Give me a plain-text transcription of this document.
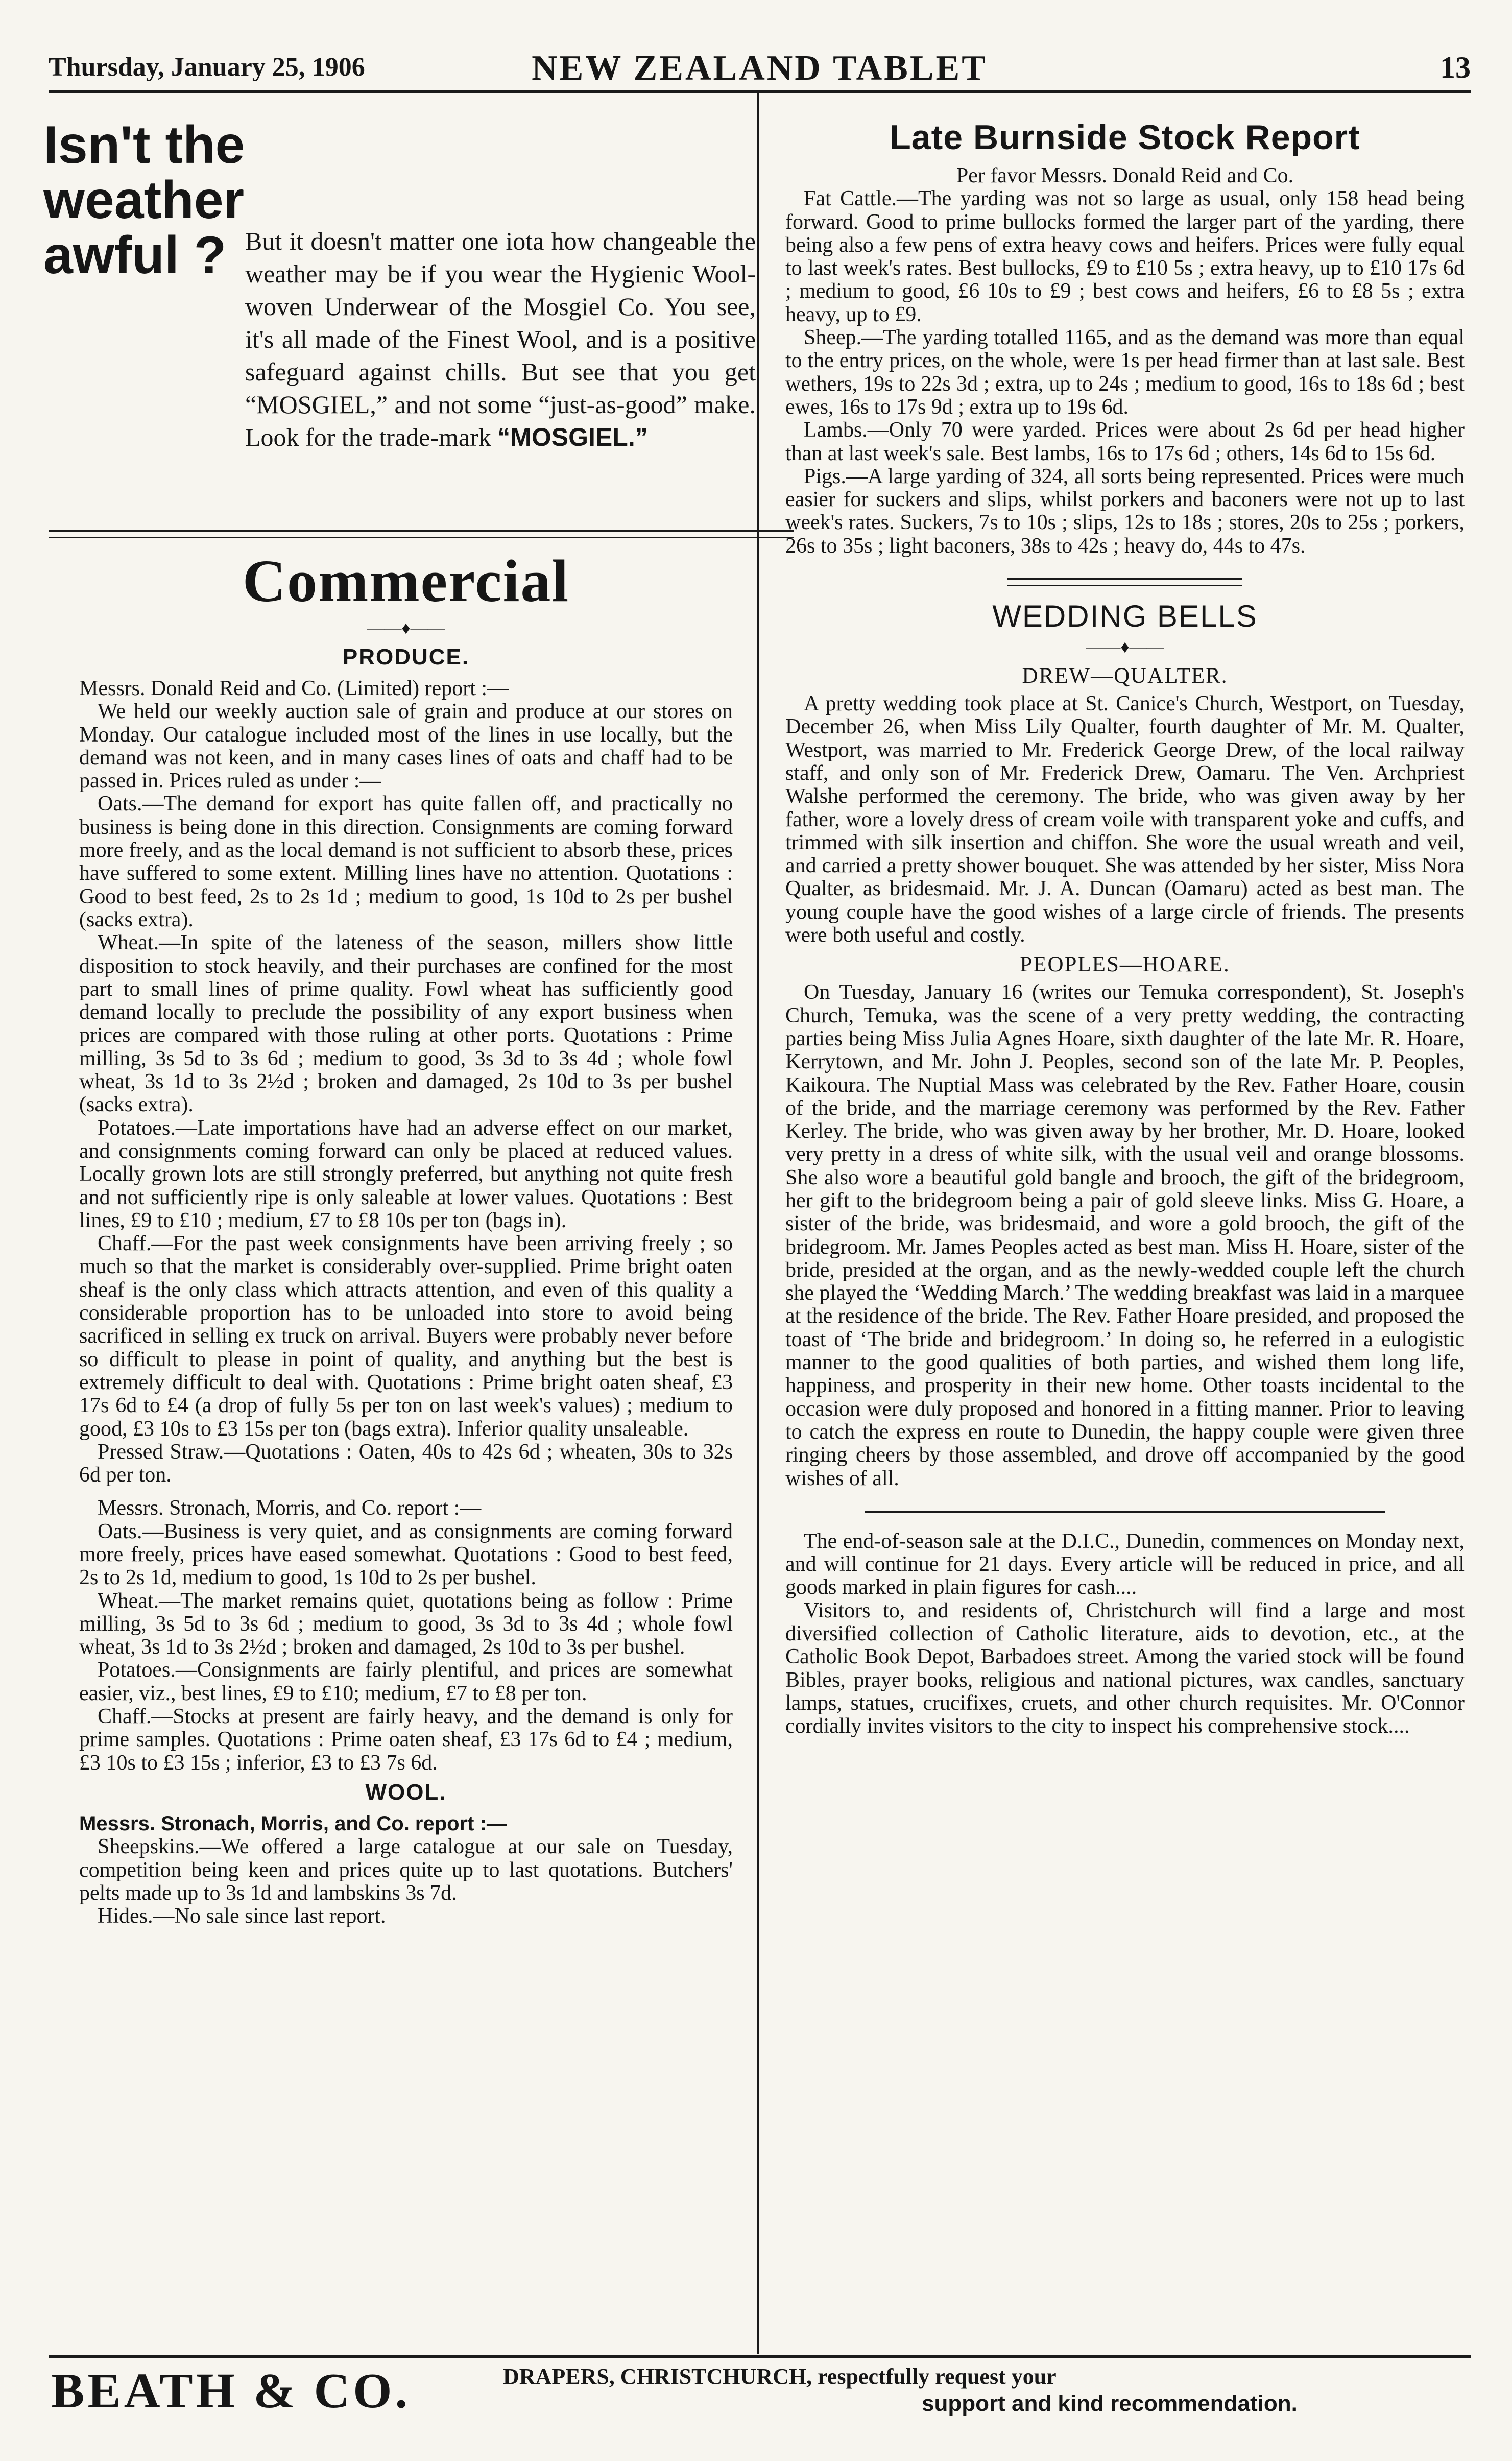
Thursday, January 25, 1906	NEW ZEALAND TABLET	13
Isn't the weather awful ? But it doesn't matter one iota how changeable the weather may be if you wear the Hygienic Wool-woven Underwear of the Mosgiel Co. You see, it's all made of the Finest Wool, and is a positive safeguard against chills. But see that you get “MOSGIEL,” and not some “just-as-good” make. Look for the trade-mark “MOSGIEL.”
Commercial
——♦——
PRODUCE.

Messrs. Donald Reid and Co. (Limited) report :—

We held our weekly auction sale of grain and produce at our stores on Monday. Our catalogue included most of the lines in use locally, but the demand was not keen, and in many cases lines of oats and chaff had to be passed in. Prices ruled as under :—

Oats.—The demand for export has quite fallen off, and practically no business is being done in this direction. Consignments are coming forward more freely, and as the local demand is not sufficient to absorb these, prices have suffered to some extent. Milling lines have no attention. Quotations : Good to best feed, 2s to 2s 1d ; medium to good, 1s 10d to 2s per bushel (sacks extra).

Wheat.—In spite of the lateness of the season, millers show little disposition to stock heavily, and their purchases are confined for the most part to small lines of prime quality. Fowl wheat has sufficiently good demand locally to preclude the possibility of any export business when prices are compared with those ruling at other ports. Quotations : Prime milling, 3s 5d to 3s 6d ; medium to good, 3s 3d to 3s 4d ; whole fowl wheat, 3s 1d to 3s 2½d ; broken and damaged, 2s 10d to 3s per bushel (sacks extra).

Potatoes.—Late importations have had an adverse effect on our market, and consignments coming forward can only be placed at reduced values. Locally grown lots are still strongly preferred, but anything not quite fresh and not sufficiently ripe is only saleable at lower values. Quotations : Best lines, £9 to £10 ; medium, £7 to £8 10s per ton (bags in).

Chaff.—For the past week consignments have been arriving freely ; so much so that the market is considerably over-supplied. Prime bright oaten sheaf is the only class which attracts attention, and even of this quality a considerable proportion has to be unloaded into store to avoid being sacrificed in selling ex truck on arrival. Buyers were probably never before so difficult to please in point of quality, and anything but the best is extremely difficult to deal with. Quotations : Prime bright oaten sheaf, £3 17s 6d to £4 (a drop of fully 5s per ton on last week's values) ; medium to good, £3 10s to £3 15s per ton (bags extra). Inferior quality unsaleable.

Pressed Straw.—Quotations : Oaten, 40s to 42s 6d ; wheaten, 30s to 32s 6d per ton.

Messrs. Stronach, Morris, and Co. report :—

Oats.—Business is very quiet, and as consignments are coming forward more freely, prices have eased somewhat. Quotations : Good to best feed, 2s to 2s 1d, medium to good, 1s 10d to 2s per bushel.

Wheat.—The market remains quiet, quotations being as follow : Prime milling, 3s 5d to 3s 6d ; medium to good, 3s 3d to 3s 4d ; whole fowl wheat, 3s 1d to 3s 2½d ; broken and damaged, 2s 10d to 3s per bushel.

Potatoes.—Consignments are fairly plentiful, and prices are somewhat easier, viz., best lines, £9 to £10; medium, £7 to £8 per ton.

Chaff.—Stocks at present are fairly heavy, and the demand is only for prime samples. Quotations : Prime oaten sheaf, £3 17s 6d to £4 ; medium, £3 10s to £3 15s ; inferior, £3 to £3 7s 6d.

WOOL.

Messrs. Stronach, Morris, and Co. report :—

Sheepskins.—We offered a large catalogue at our sale on Tuesday, competition being keen and prices quite up to last quotations. Butchers' pelts made up to 3s 1d and lambskins 3s 7d.

Hides.—No sale since last report.

Late Burnside Stock Report

Per favor Messrs. Donald Reid and Co.

Fat Cattle.—The yarding was not so large as usual, only 158 head being forward. Good to prime bullocks formed the larger part of the yarding, there being also a few pens of extra heavy cows and heifers. Prices were fully equal to last week's rates. Best bullocks, £9 to £10 5s ; extra heavy, up to £10 17s 6d ; medium to good, £6 10s to £9 ; best cows and heifers, £6 to £8 5s ; extra heavy, up to £9.

Sheep.—The yarding totalled 1165, and as the demand was more than equal to the entry prices, on the whole, were 1s per head firmer than at last sale. Best wethers, 19s to 22s 3d ; extra, up to 24s ; medium to good, 16s to 18s 6d ; best ewes, 16s to 17s 9d ; extra up to 19s 6d.

Lambs.—Only 70 were yarded. Prices were about 2s 6d per head higher than at last week's sale. Best lambs, 16s to 17s 6d ; others, 14s 6d to 15s 6d.

Pigs.—A large yarding of 324, all sorts being represented. Prices were much easier for suckers and slips, whilst porkers and baconers were not up to last week's rates. Suckers, 7s to 10s ; slips, 12s to 18s ; stores, 20s to 25s ; porkers, 26s to 35s ; light baconers, 38s to 42s ; heavy do, 44s to 47s.

WEDDING BELLS
——♦——
DREW—QUALTER.

A pretty wedding took place at St. Canice's Church, Westport, on Tuesday, December 26, when Miss Lily Qualter, fourth daughter of Mr. M. Qualter, Westport, was married to Mr. Frederick George Drew, of the local railway staff, and only son of Mr. Frederick Drew, Oamaru. The Ven. Archpriest Walshe performed the ceremony. The bride, who was given away by her father, wore a lovely dress of cream voile with transparent yoke and cuffs, and trimmed with silk insertion and chiffon. She wore the usual wreath and veil, and carried a pretty shower bouquet. She was attended by her sister, Miss Nora Qualter, as bridesmaid. Mr. J. A. Duncan (Oamaru) acted as best man. The young couple have the good wishes of a large circle of friends. The presents were both useful and costly.

PEOPLES—HOARE.

On Tuesday, January 16 (writes our Temuka correspondent), St. Joseph's Church, Temuka, was the scene of a very pretty wedding, the contracting parties being Miss Julia Agnes Hoare, sixth daughter of the late Mr. R. Hoare, Kerrytown, and Mr. John J. Peoples, second son of the late Mr. P. Peoples, Kaikoura. The Nuptial Mass was celebrated by the Rev. Father Hoare, cousin of the bride, and the marriage ceremony was performed by the Rev. Father Kerley. The bride, who was given away by her brother, Mr. D. Hoare, looked very pretty in a dress of white silk, with the usual veil and orange blossoms. She also wore a beautiful gold bangle and brooch, the gift of the bridegroom, her gift to the bridegroom being a pair of gold sleeve links. Miss G. Hoare, a sister of the bride, was bridesmaid, and wore a gold brooch, the gift of the bridegroom. Mr. James Peoples acted as best man. Miss H. Hoare, sister of the bride, presided at the organ, and as the newly-wedded couple left the church she played the ‘Wedding March.’ The wedding breakfast was laid in a marquee at the residence of the bride. The Rev. Father Hoare presided, and proposed the toast of ‘The bride and bridegroom.’ In doing so, he referred in a eulogistic manner to the good qualities of both parties, and wished them long life, happiness, and prosperity in their new home. Other toasts incidental to the occasion were duly proposed and honored in a fitting manner. Prior to leaving to catch the express en route to Dunedin, the happy couple were given three ringing cheers by those assembled, and drove off accompanied by the good wishes of all.

The end-of-season sale at the D.I.C., Dunedin, commences on Monday next, and will continue for 21 days. Every article will be reduced in price, and all goods marked in plain figures for cash....

Visitors to, and residents of, Christchurch will find a large and most diversified collection of Catholic literature, aids to devotion, etc., at the Catholic Book Depot, Barbadoes street. Among the varied stock will be found Bibles, prayer books, religious and national pictures, wax candles, sanctuary lamps, statues, crucifixes, cruets, and other church requisites. Mr. O'Connor cordially invites visitors to the city to inspect his comprehensive stock....

BEATH & CO.	DRAPERS, CHRISTCHURCH, respectfully request your
support and kind recommendation.
